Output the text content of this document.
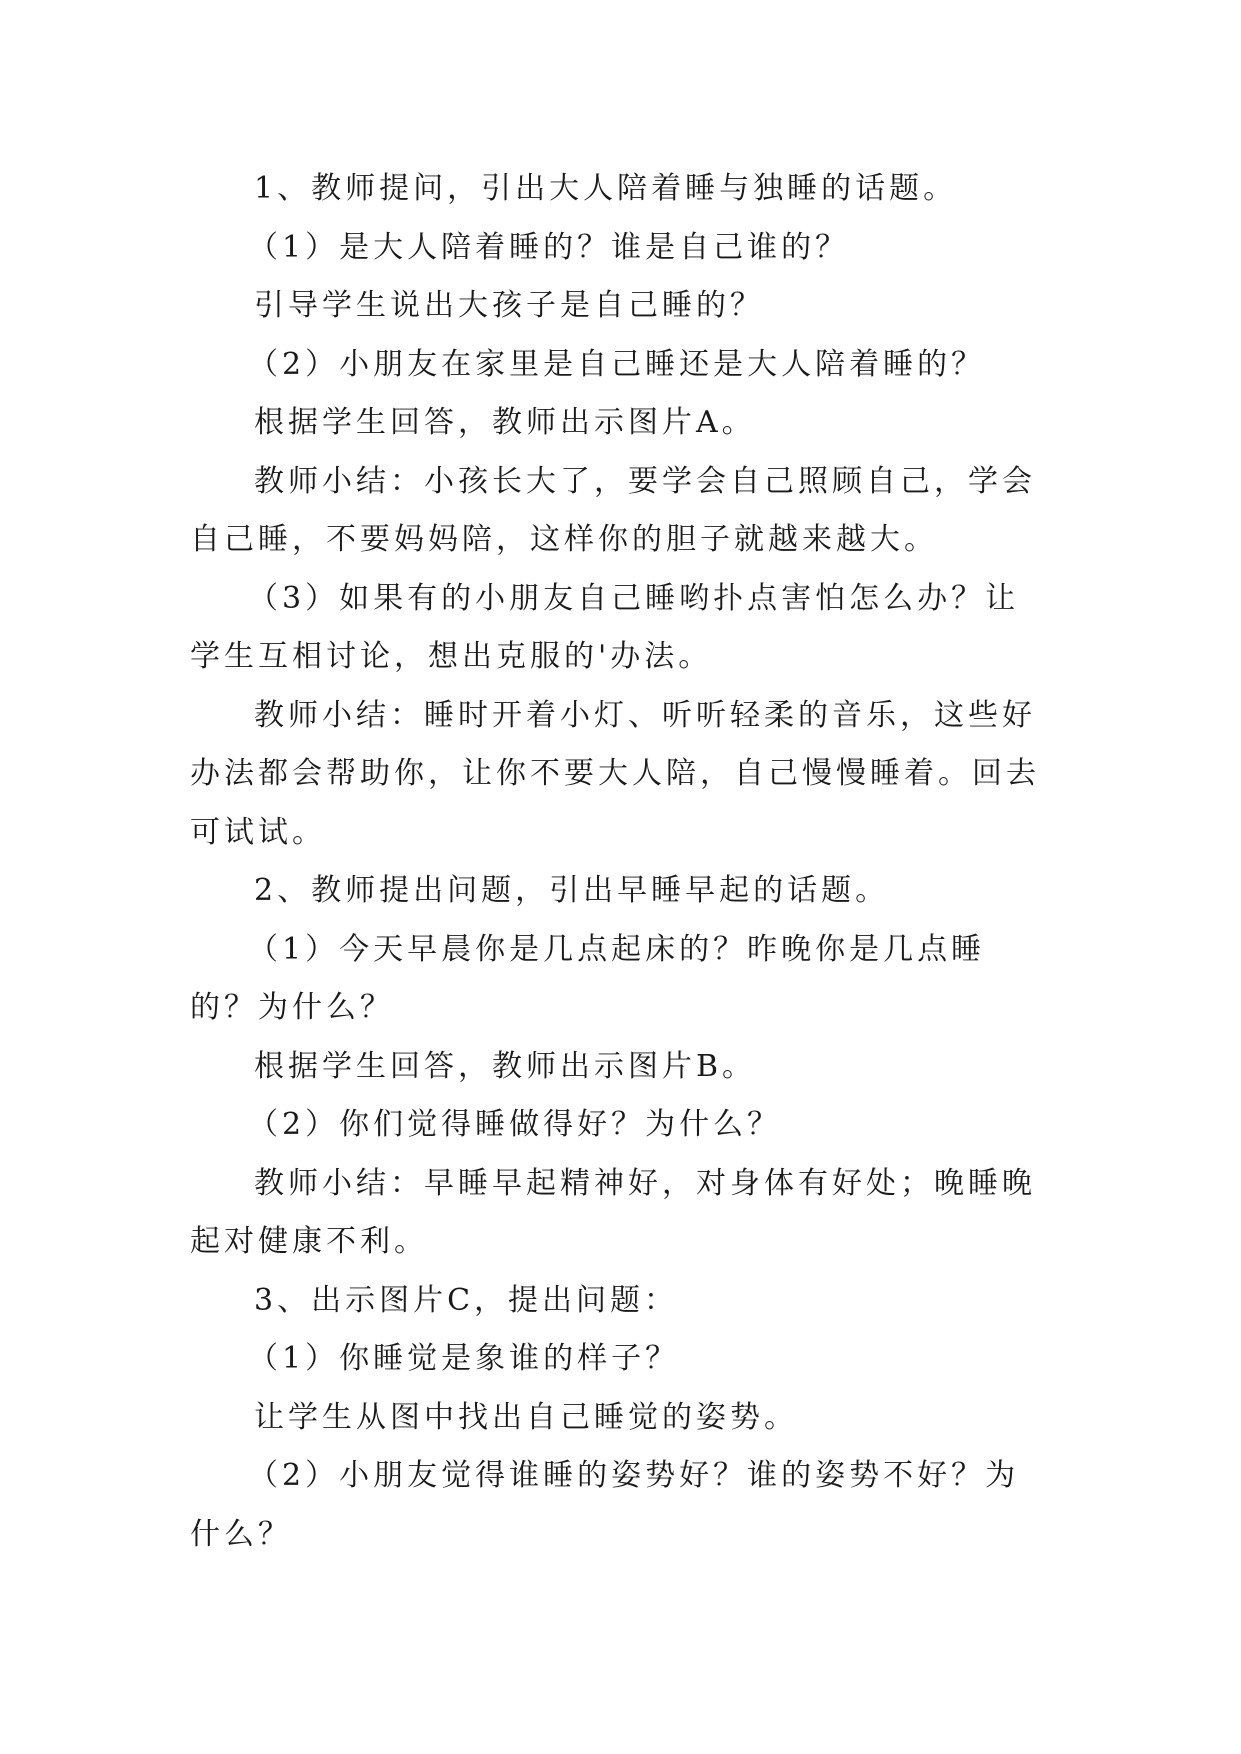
1、教师提问，引出大人陪着睡与独睡的话题。

（1）是大人陪着睡的？谁是自己谁的？

引导学生说出大孩子是自己睡的？

（2）小朋友在家里是自己睡还是大人陪着睡的？

根据学生回答，教师出示图片A。

教师小结：小孩长大了，要学会自己照顾自己，学会自己睡，不要妈妈陪，这样你的胆子就越来越大。

（3）如果有的小朋友自己睡哟扑点害怕怎么办？让学生互相讨论，想出克服的'办法。

教师小结：睡时开着小灯、听听轻柔的音乐，这些好办法都会帮助你，让你不要大人陪，自己慢慢睡着。回去可试试。

2、教师提出问题，引出早睡早起的话题。

（1）今天早晨你是几点起床的？昨晚你是几点睡的？为什么？

根据学生回答，教师出示图片B。

（2）你们觉得睡做得好？为什么？

教师小结：早睡早起精神好，对身体有好处；晚睡晚起对健康不利。

3、出示图片C，提出问题：

（1）你睡觉是象谁的样子？

让学生从图中找出自己睡觉的姿势。

（2）小朋友觉得谁睡的姿势好？谁的姿势不好？为什么？
